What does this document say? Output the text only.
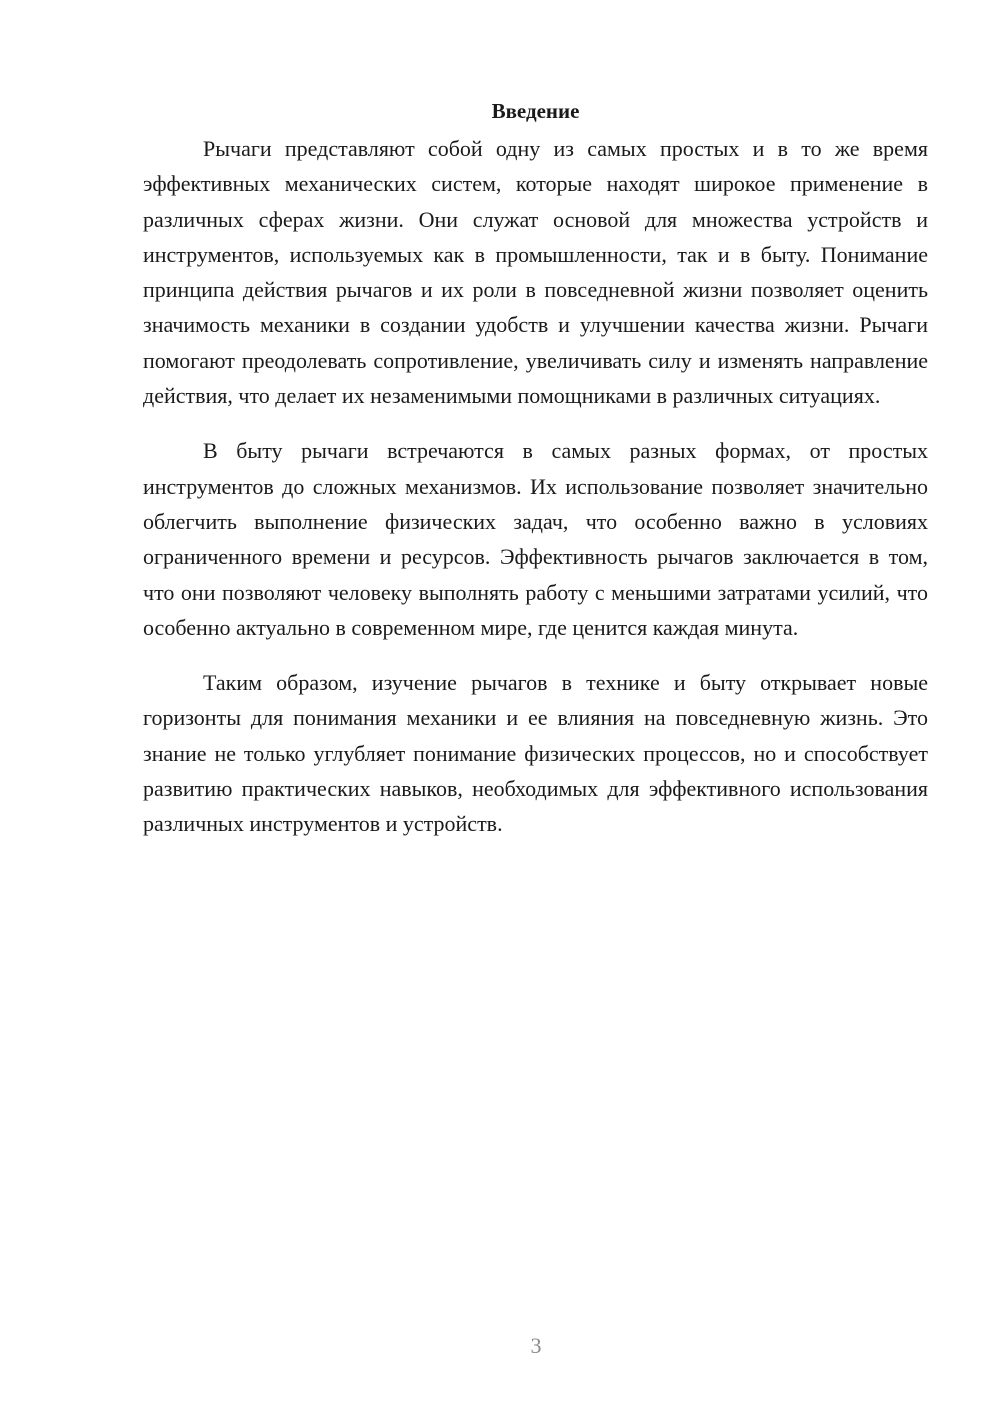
Введение

Рычаги представляют собой одну из самых простых и в то же время эффективных механических систем, которые находят широкое применение в различных сферах жизни. Они служат основой для множества устройств и инструментов, используемых как в промышленности, так и в быту. Понимание принципа действия рычагов и их роли в повседневной жизни позволяет оценить значимость механики в создании удобств и улучшении качества жизни. Рычаги помогают преодолевать сопротивление, увеличивать силу и изменять направление действия, что делает их незаменимыми помощниками в различных ситуациях.

В быту рычаги встречаются в самых разных формах, от простых инструментов до сложных механизмов. Их использование позволяет значительно облегчить выполнение физических задач, что особенно важно в условиях ограниченного времени и ресурсов. Эффективность рычагов заключается в том, что они позволяют человеку выполнять работу с меньшими затратами усилий, что особенно актуально в современном мире, где ценится каждая минута.

Таким образом, изучение рычагов в технике и быту открывает новые горизонты для понимания механики и ее влияния на повседневную жизнь. Это знание не только углубляет понимание физических процессов, но и способствует развитию практических навыков, необходимых для эффективного использования различных инструментов и устройств.

3
